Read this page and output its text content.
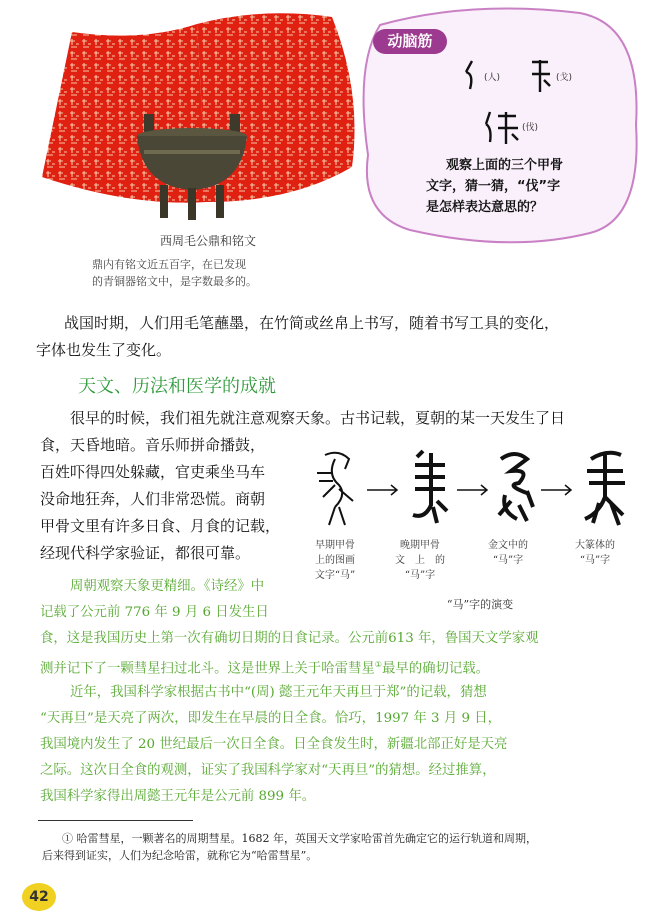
西周毛公鼎和铭文
鼎内有铭文近五百字，在已发现
的青铜器铭文中，是字数最多的。
动脑筋
(人)	(戈)
(伐)
观察上面的三个甲骨
文字，猜一猜，“伐”字
是怎样表达意思的？
战国时期，人们用毛笔蘸墨，在竹简或丝帛上书写，随着书写工具的变化，
字体也发生了变化。
天文、历法和医学的成就
很早的时候，我们祖先就注意观察天象。古书记载，夏朝的某一天发生了日
食，天昏地暗。音乐师拼命播鼓，
百姓吓得四处躲藏，官吏乘坐马车
没命地狂奔，人们非常恐慌。商朝
甲骨文里有许多日食、月食的记载，
经现代科学家验证，都很可靠。	早期甲骨
上的图画
文字“马”
晚期甲骨
文　上　的
“马”字
金文中的
“马”字
大篆体的
“马”字
“马”字的演变
周朝观察天象更精细。《诗经》中
记载了公元前 776 年 9 月 6 日发生日
食，这是我国历史上第一次有确切日期的日食记录。公元前613 年，鲁国天文学家观
测并记下了一颗彗星扫过北斗。这是世界上关于哈雷彗星①最早的确切记载。
近年，我国科学家根据古书中“(周) 懿王元年天再旦于郑”的记载，猜想
“天再旦”是天亮了两次，即发生在早晨的日全食。恰巧，1997 年 3 月 9 日，
我国境内发生了 20 世纪最后一次日全食。日全食发生时，新疆北部正好是天亮
之际。这次日全食的观测，证实了我国科学家对“天再旦”的猜想。经过推算，
我国科学家得出周懿王元年是公元前 899 年。
① 哈雷彗星，一颗著名的周期彗星。1682 年，英国天文学家哈雷首先确定它的运行轨道和周期，
后来得到证实，人们为纪念哈雷，就称它为“哈雷彗星”。
42
